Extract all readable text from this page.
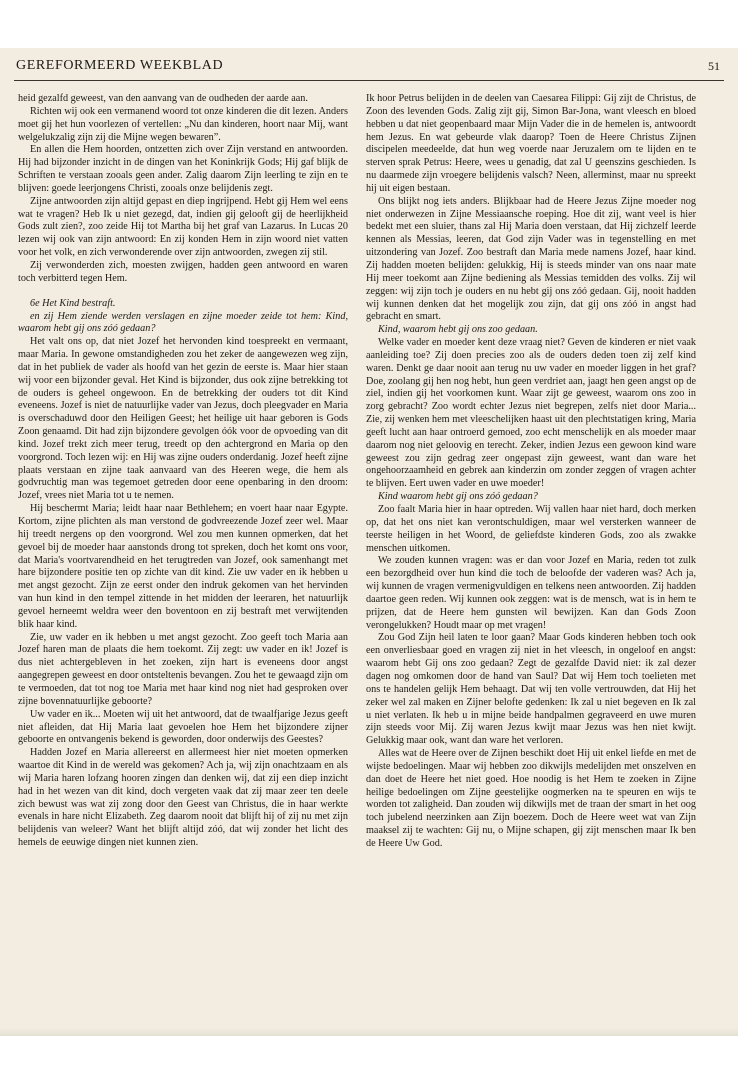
GEREFORMEERD WEEKBLAD	51

heid gezalfd geweest, van den aanvang van de oudheden der aarde aan.

Richten wij ook een vermanend woord tot onze kinderen die dit lezen. Anders moet gij het hun voorlezen of vertellen: „Nu dan kinderen, hoort naar Mij, want welgelukzalig zijn zij die Mijne wegen bewaren”.

En allen die Hem hoorden, ontzetten zich over Zijn verstand en antwoorden. Hij had bijzonder inzicht in de dingen van het Koninkrijk Gods; Hij gaf blijk de Schriften te verstaan zooals geen ander. Zalig daarom Zijn leerling te zijn en te blijven: goede leerjongens Christi, zooals onze belijdenis zegt.

Zijne antwoorden zijn altijd gepast en diep ingrijpend. Hebt gij Hem wel eens wat te vragen? Heb Ik u niet gezegd, dat, indien gij gelooft gij de heerlijkheid Gods zult zien?, zoo zeide Hij tot Martha bij het graf van Lazarus. In Lucas 20 lezen wij ook van zijn antwoord: En zij konden Hem in zijn woord niet vatten voor het volk, en zich verwonderende over zijn antwoorden, zwegen zij stil.

Zij verwonderden zich, moesten zwijgen, hadden geen antwoord en waren toch verbitterd tegen Hem.

6e Het Kind bestraft.

en zij Hem ziende werden verslagen en zijne moeder zeide tot hem: Kind, waarom hebt gij ons zóó gedaan?

Het valt ons op, dat niet Jozef het hervonden kind toespreekt en vermaant, maar Maria. In gewone omstandigheden zou het zeker de aangewezen weg zijn, dat in het publiek de vader als hoofd van het gezin de eerste is. Maar hier staan wij voor een bijzonder geval. Het Kind is bijzonder, dus ook zijne betrekking tot de ouders is geheel ongewoon. En de betrekking der ouders tot dit Kind eveneens. Jozef is niet de natuurlijke vader van Jezus, doch pleegvader en Maria is overschaduwd door den Heiligen Geest; het heilige uit haar geboren is Gods Zoon genaamd. Dit had zijn bijzondere gevolgen óók voor de opvoeding van dit kind. Jozef trekt zich meer terug, treedt op den achtergrond en Maria op den voorgrond. Toch lezen wij: en Hij was zijne ouders onderdanig. Jozef heeft zijne plaats verstaan en zijne taak aanvaard van des Heeren wege, die hem als godvruchtig man was tegemoet getreden door eene openbaring in den droom: Jozef, vrees niet Maria tot u te nemen.

Hij beschermt Maria; leidt haar naar Bethlehem; en voert haar naar Egypte. Kortom, zijne plichten als man verstond de godvreezende Jozef zeer wel. Maar hij treedt nergens op den voorgrond. Wel zou men kunnen opmerken, dat het gevoel bij de moeder haar aanstonds drong tot spreken, doch het komt ons voor, dat Maria's voortvarendheid en het terugtreden van Jozef, ook samenhangt met hare bijzondere positie ten op zichte van dit kind. Zie uw vader en ik hebben u met angst gezocht. Zijn ze eerst onder den indruk gekomen van het hervinden van hun kind in den tempel zittende in het midden der leeraren, het natuurlijk gevoel herneemt weldra weer den boventoon en zij bestraft met verwijtenden blik haar kind.

Zie, uw vader en ik hebben u met angst gezocht. Zoo geeft toch Maria aan Jozef haren man de plaats die hem toekomt. Zij zegt: uw vader en ik! Jozef is dus niet achtergebleven in het zoeken, zijn hart is eveneens door angst aangegrepen geweest en door ontsteltenis bevangen. Zou het te gewaagd zijn om te vermoeden, dat tot nog toe Maria met haar kind nog niet had gesproken over zijne bovennatuurlijke geboorte?

Uw vader en ik... Moeten wij uit het antwoord, dat de twaalfjarige Jezus geeft niet afleiden, dat Hij Maria laat gevoelen hoe Hem het bijzondere zijner geboorte en ontvangenis bekend is geworden, door onderwijs des Geestes?

Hadden Jozef en Maria allereerst en allermeest hier niet moeten opmerken waartoe dit Kind in de wereld was gekomen? Ach ja, wij zijn onachtzaam en als wij Maria haren lofzang hooren zingen dan denken wij, dat zij een diep inzicht had in het wezen van dit kind, doch vergeten vaak dat zij maar zeer ten deele zich bewust was wat zij zong door den Geest van Christus, die in haar werkte evenals in hare nicht Elizabeth. Zeg daarom nooit dat blijft hij of zij nu met zijn belijdenis van weleer? Want het blijft altijd zóó, dat wij zonder het licht des hemels de eeuwige dingen niet kunnen zien.

Ik hoor Petrus belijden in de deelen van Caesarea Filippi: Gij zijt de Christus, de Zoon des levenden Gods. Zalig zijt gij, Simon Bar-Jona, want vleesch en bloed hebben u dat niet geopenbaard maar Mijn Vader die in de hemelen is, antwoordt hem Jezus. En wat gebeurde vlak daarop? Toen de Heere Christus Zijnen discipelen meedeelde, dat hun weg voerde naar Jeruzalem om te lijden en te sterven sprak Petrus: Heere, wees u genadig, dat zal U geenszins geschieden. Is nu daarmede zijn vroegere belijdenis valsch? Neen, allerminst, maar nu spreekt hij uit eigen bestaan.

Ons blijkt nog iets anders. Blijkbaar had de Heere Jezus Zijne moeder nog niet onderwezen in Zijne Messiaansche roeping. Hoe dit zij, want veel is hier bedekt met een sluier, thans zal Hij Maria doen verstaan, dat Hij zichzelf leerde kennen als Messias, leeren, dat God zijn Vader was in tegenstelling en met uitzondering van Jozef. Zoo bestraft dan Maria mede namens Jozef, haar kind. Zij hadden moeten belijden: gelukkig, Hij is steeds minder van ons naar mate Hij meer toekomt aan Zijne bediening als Messias temidden des volks. Zij wil zeggen: wij zijn toch je ouders en nu hebt gij ons zóó gedaan. Gij, nooit hadden wij kunnen denken dat het mogelijk zou zijn, dat gij ons zóó in angst had gebracht en smart.

Kind, waarom hebt gij ons zoo gedaan.

Welke vader en moeder kent deze vraag niet? Geven de kinderen er niet vaak aanleiding toe? Zij doen precies zoo als de ouders deden toen zij zelf kind waren. Denkt ge daar nooit aan terug nu uw vader en moeder liggen in het graf? Doe, zoolang gij hen nog hebt, hun geen verdriet aan, jaagt hen geen angst op de ziel, indien gij het voorkomen kunt. Waar zijt ge geweest, waarom ons zoo in zorg gebracht? Zoo wordt echter Jezus niet begrepen, zelfs niet door Maria... Zie, zij wenken hem met vleeschelijken haast uit den plechtstatigen kring, Maria geeft lucht aan haar ontroerd gemoed, zoo echt menschelijk en als moeder maar daarom nog niet geloovig en terecht. Zeker, indien Jezus een gewoon kind ware geweest zou zijn gedrag zeer ongepast zijn geweest, want dan ware het ongehoorzaamheid en gebrek aan kinderzin om zonder zeggen of vragen achter te blijven. Eert uwen vader en uwe moeder!

Kind waarom hebt gij ons zóó gedaan?

Zoo faalt Maria hier in haar optreden. Wij vallen haar niet hard, doch merken op, dat het ons niet kan verontschuldigen, maar wel versterken wanneer de teerste heiligen in het Woord, de geliefdste kinderen Gods, zoo als zwakke menschen uitkomen.

We zouden kunnen vragen: was er dan voor Jozef en Maria, reden tot zulk een bezorgdheid over hun kind die toch de beloofde der vaderen was? Ach ja, wij kunnen de vragen vermenigvuldigen en telkens neen antwoorden. Zij hadden daartoe geen reden. Wij kunnen ook zeggen: wat is de mensch, wat is in hem te prijzen, dat de Heere hem gunsten wil bewijzen. Kan dan Gods Zoon verongelukken? Houdt maar op met vragen!

Zou God Zijn heil laten te loor gaan? Maar Gods kinderen hebben toch ook een onverliesbaar goed en vragen zij niet in het vleesch, in ongeloof en angst: waarom hebt Gij ons zoo gedaan? Zegt de gezalfde David niet: ik zal dezer dagen nog omkomen door de hand van Saul? Dat wij Hem toch toelieten met ons te handelen gelijk Hem behaagt. Dat wij ten volle vertrouwden, dat Hij het zeker wel zal maken en Zijner belofte gedenken: Ik zal u niet begeven en Ik zal u niet verlaten. Ik heb u in mijne beide handpalmen gegraveerd en uwe muren zijn steeds voor Mij. Zij waren Jezus kwijt maar Jezus was hen niet kwijt. Gelukkig maar ook, want dan ware het verloren.

Alles wat de Heere over de Zijnen beschikt doet Hij uit enkel liefde en met de wijste bedoelingen. Maar wij hebben zoo dikwijls medelijden met onszelven en dan doet de Heere het niet goed. Hoe noodig is het Hem te zoeken in Zijne heilige bedoelingen om Zijne geestelijke oogmerken na te speuren en wijs te worden tot zaligheid. Dan zouden wij dikwijls met de traan der smart in het oog toch jubelend neerzinken aan Zijn boezem. Doch de Heere weet wat van Zijn maaksel zij te wachten: Gij nu, o Mijne schapen, gij zijt menschen maar Ik ben de Heere Uw God.
